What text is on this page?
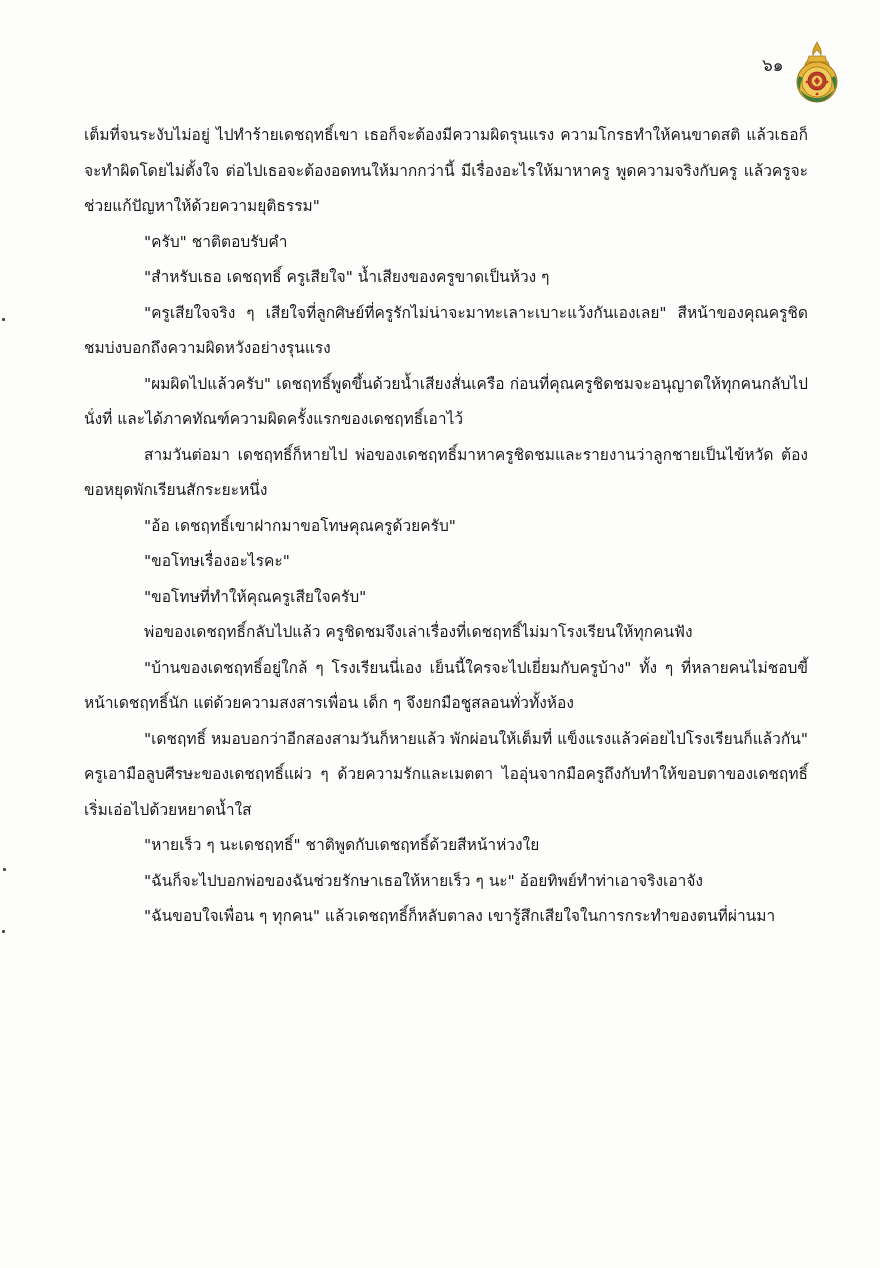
๖๑

เต็มที่จนระงับไม่อยู่ ไปทำร้ายเดชฤทธิ์เขา เธอก็จะต้องมีความผิดรุนแรง ความโกรธทำให้คนขาดสติ แล้วเธอก็จะทำผิดโดยไม่ตั้งใจ ต่อไปเธอจะต้องอดทนให้มากกว่านี้ มีเรื่องอะไรให้มาหาครู พูดความจริงกับครู แล้วครูจะช่วยแก้ปัญหาให้ด้วยความยุติธรรม"

"ครับ" ชาติตอบรับคำ

"สำหรับเธอ เดชฤทธิ์ ครูเสียใจ" น้ำเสียงของครูขาดเป็นห้วง ๆ

"ครูเสียใจจริง ๆ เสียใจที่ลูกศิษย์ที่ครูรักไม่น่าจะมาทะเลาะเบาะแว้งกันเองเลย" สีหน้าของคุณครูชิดชมบ่งบอกถึงความผิดหวังอย่างรุนแรง

"ผมผิดไปแล้วครับ" เดชฤทธิ์พูดขึ้นด้วยน้ำเสียงสั่นเครือ ก่อนที่คุณครูชิดชมจะอนุญาตให้ทุกคนกลับไปนั่งที่ และได้ภาคทัณฑ์ความผิดครั้งแรกของเดชฤทธิ์เอาไว้

สามวันต่อมา เดชฤทธิ์ก็หายไป พ่อของเดชฤทธิ์มาหาครูชิดชมและรายงานว่าลูกชายเป็นไข้หวัด ต้องขอหยุดพักเรียนสักระยะหนึ่ง

"อ้อ เดชฤทธิ์เขาฝากมาขอโทษคุณครูด้วยครับ"

"ขอโทษเรื่องอะไรคะ"

"ขอโทษที่ทำให้คุณครูเสียใจครับ"

พ่อของเดชฤทธิ์กลับไปแล้ว ครูชิดชมจึงเล่าเรื่องที่เดชฤทธิ์ไม่มาโรงเรียนให้ทุกคนฟัง

"บ้านของเดชฤทธิ์อยู่ใกล้ ๆ โรงเรียนนี่เอง เย็นนี้ใครจะไปเยี่ยมกับครูบ้าง" ทั้ง ๆ ที่หลายคนไม่ชอบขี้หน้าเดชฤทธิ์นัก แต่ด้วยความสงสารเพื่อน เด็ก ๆ จึงยกมือชูสลอนทั่วทั้งห้อง

"เดชฤทธิ์ หมอบอกว่าอีกสองสามวันก็หายแล้ว พักผ่อนให้เต็มที่ แข็งแรงแล้วค่อยไปโรงเรียนก็แล้วกัน" ครูเอามือลูบศีรษะของเดชฤทธิ์แผ่ว ๆ ด้วยความรักและเมตตา ไออุ่นจากมือครูถึงกับทำให้ขอบตาของเดชฤทธิ์เริ่มเอ่อไปด้วยหยาดน้ำใส

"หายเร็ว ๆ นะเดชฤทธิ์" ชาติพูดกับเดชฤทธิ์ด้วยสีหน้าห่วงใย

"ฉันก็จะไปบอกพ่อของฉันช่วยรักษาเธอให้หายเร็ว ๆ นะ" อ้อยทิพย์ทำท่าเอาจริงเอาจัง

"ฉันขอบใจเพื่อน ๆ ทุกคน" แล้วเดชฤทธิ์ก็หลับตาลง เขารู้สึกเสียใจในการกระทำของตนที่ผ่านมา
